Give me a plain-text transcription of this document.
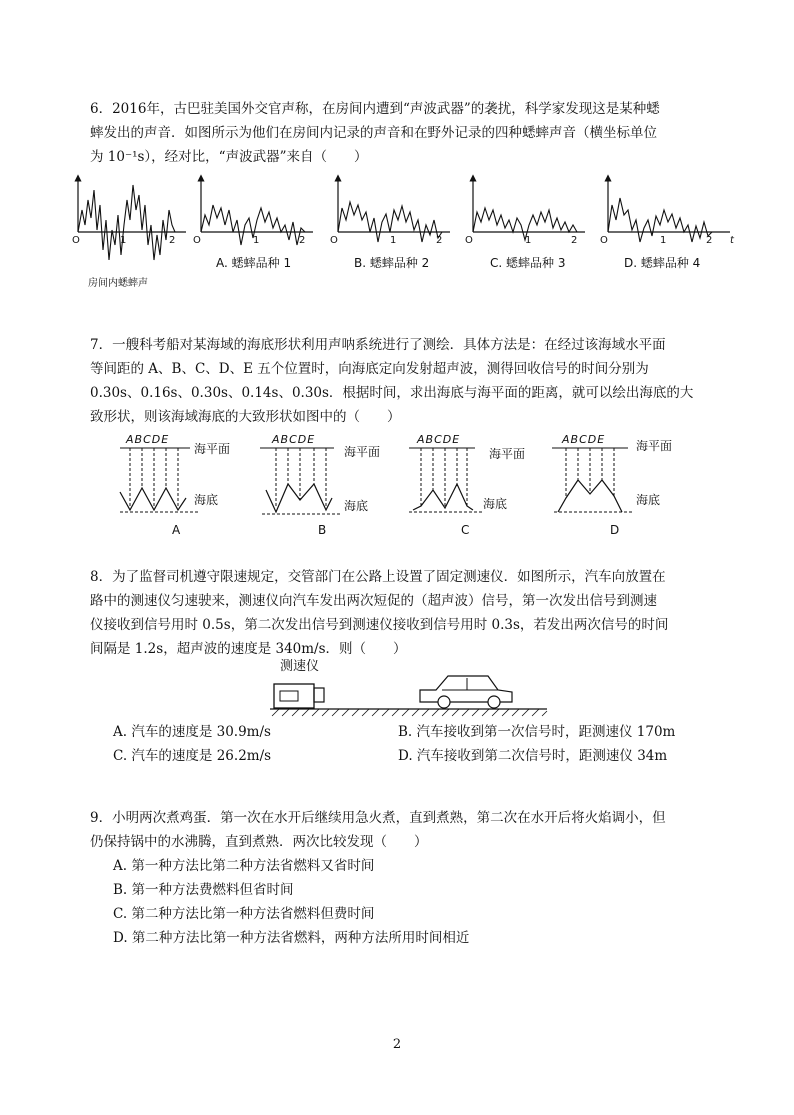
6．2016年，古巴驻美国外交官声称，在房间内遭到“声波武器”的袭扰，科学家发现这是某种蟋

蟀发出的声音．如图所示为他们在房间内记录的声音和在野外记录的四种蟋蟀声音（横坐标单位

为 10⁻¹s），经对比，“声波武器”来自（　　）

O	1	2
房间内蟋蟀声
O	1	2 O	1	2 O	1	2 O	1	2 t
A. 蟋蟀品种 1	B. 蟋蟀品种 2	C. 蟋蟀品种 3	D. 蟋蟀品种 4

7．一艘科考船对某海域的海底形状利用声呐系统进行了测绘．具体方法是：在经过该海域水平面

等间距的 A、B、C、D、E 五个位置时，向海底定向发射超声波，测得回收信号的时间分别为

0.30s、0.16s、0.30s、0.14s、0.30s．根据时间，求出海底与海平面的距离，就可以绘出海底的大

致形状，则该海域海底的大致形状如图中的（　　）

ABCDE
海平面
海底
A
ABCDE
海平面
海底
B
ABCDE
海平面
海底
C
ABCDE	海平面
海底
D

8．为了监督司机遵守限速规定，交管部门在公路上设置了固定测速仪．如图所示，汽车向放置在

路中的测速仪匀速驶来，测速仪向汽车发出两次短促的（超声波）信号，第一次发出信号到测速

仪接收到信号用时 0.5s，第二次发出信号到测速仪接收到信号用时 0.3s，若发出两次信号的时间

间隔是 1.2s，超声波的速度是 340m/s．则（　　）

测速仪
A. 汽车的速度是 30.9m/s	B. 汽车接收到第一次信号时，距测速仪 170m
C. 汽车的速度是 26.2m/s	D. 汽车接收到第二次信号时，距测速仪 34m

9．小明两次煮鸡蛋．第一次在水开后继续用急火煮，直到煮熟，第二次在水开后将火焰调小，但

仍保持锅中的水沸腾，直到煮熟．两次比较发现（　　）

A. 第一种方法比第二种方法省燃料又省时间

B. 第一种方法费燃料但省时间

C. 第二种方法比第一种方法省燃料但费时间

D. 第二种方法比第一种方法省燃料，两种方法所用时间相近

2
